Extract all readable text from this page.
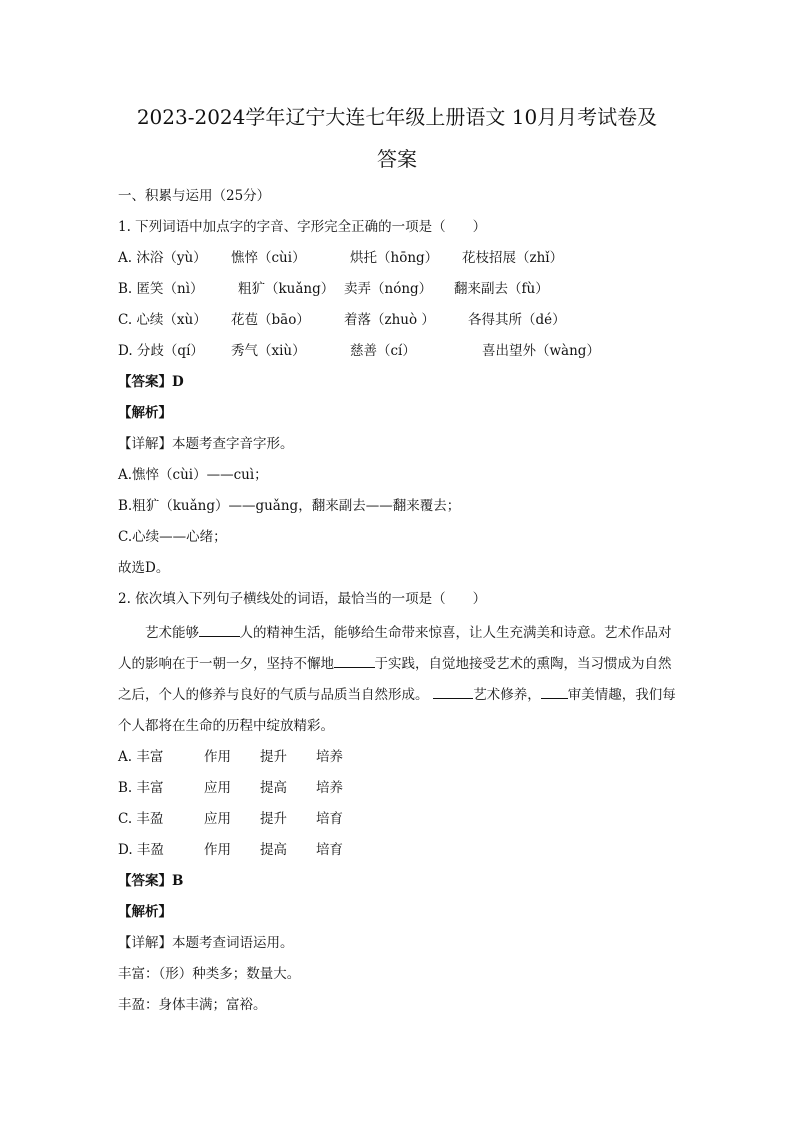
2023-2024学年辽宁大连七年级上册语文 10月月考试卷及
答案
一、积累与运用（25分）
1. 下列词语中加点字的字音、字形完全正确的一项是（　　）
A. 沐浴（yù） 憔悴（cùi）	烘托（hōng） 花枝招展（zhǐ）
B. 匿笑（nì）	粗犷（kuǎng） 卖弄（nóng） 翻来副去（fù）
C. 心续（xù） 花苞（bāo）	着落（zhuò ） 各得其所（dé）
D. 分歧（qí） 秀气（xiù）	慈善（cí）	喜出望外（wàng）
【答案】D
【解析】
【详解】本题考查字音字形。
A.憔悴（cùi）——cuì；
B.粗犷（kuǎng）——guǎng，翻来副去——翻来覆去；
C.心续——心绪；
故选D。
2. 依次填入下列句子横线处的词语，最恰当的一项是（　　）
艺术能够	人的精神生活，能够给生命带来惊喜，让人生充满美和诗意。艺术作品对人的影响在于一朝一夕，坚持不懈地	于实践，自觉地接受艺术的熏陶，当习惯成为自然之后，个人的修养与良好的气质与品质当自然形成。	艺术修养， 审美情趣，我们每个人都将在生命的历程中绽放精彩。
A. 丰富	作用 提升 培养
B. 丰富	应用 提高 培养
C. 丰盈	应用 提升 培育
D. 丰盈	作用 提高 培育
【答案】B
【解析】
【详解】本题考查词语运用。
丰富：（形）种类多；数量大。
丰盈：身体丰满；富裕。
